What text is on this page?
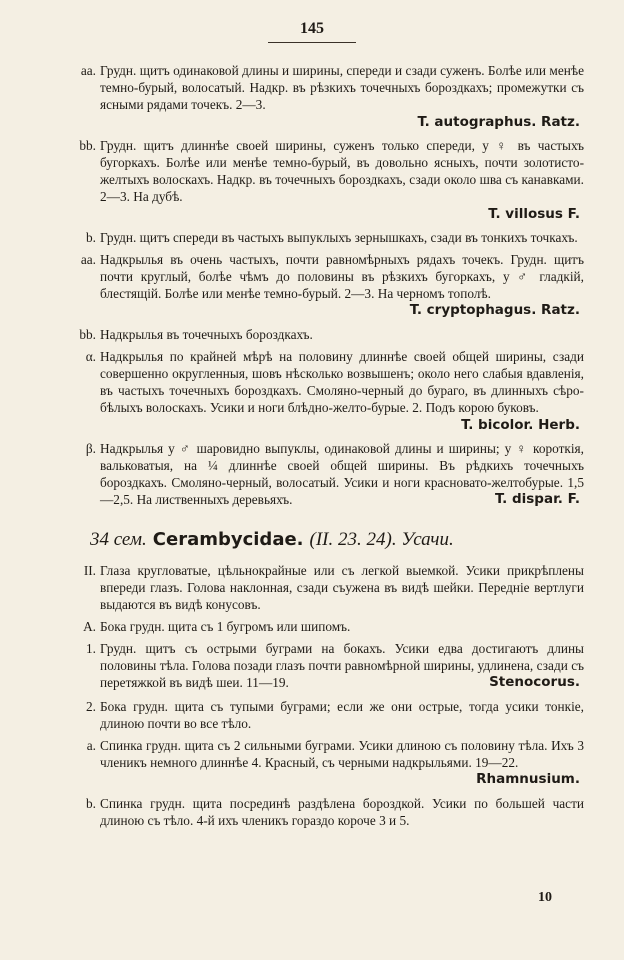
145
aa. Грудн. щитъ одинаковой длины и ширины, спереди и сзади суженъ. Болѣе или менѣе темно-бурый, волосатый. Надкр. въ рѣзкихъ точечныхъ бороздкахъ; промежутки съ ясными рядами точекъ. 2—3.
T. autographus. Ratz.
bb. Грудн. щитъ длиннѣе своей ширины, суженъ только спереди, у ♀ въ частыхъ бугоркахъ. Болѣе или менѣе темно-бурый, въ довольно ясныхъ, почти золотисто-желтыхъ волоскахъ. Надкр. въ точечныхъ бороздкахъ, сзади около шва съ канавками. 2—3. На дубѣ.
T. villosus F.
b. Грудн. щитъ спереди въ частыхъ выпуклыхъ зернышкахъ, сзади въ тонкихъ точкахъ.
aa. Надкрылья въ очень частыхъ, почти равномѣрныхъ рядахъ точекъ. Грудн. щитъ почти круглый, болѣе чѣмъ до половины въ рѣзкихъ бугоркахъ, у ♂ гладкій, блестящій. Болѣе или менѣе темно-бурый. 2—3. На черномъ тополѣ.
T. cryptophagus. Ratz.
bb. Надкрылья въ точечныхъ бороздкахъ.
α. Надкрылья по крайней мѣрѣ на половину длиннѣе своей общей ширины, сзади совершенно округленныя, шовъ нѣсколько возвышенъ; около него слабыя вдавленія, въ частыхъ точечныхъ бороздкахъ. Смоляно-черный до бураго, въ длинныхъ сѣро-бѣлыхъ волоскахъ. Усики и ноги блѣдно-желто-бурые. 2. Подъ корою буковъ.
T. bicolor. Herb.
β. Надкрылья у ♂ шаровидно выпуклы, одинаковой длины и ширины; у ♀ короткія, вальковатыя, на ¼ длиннѣе своей общей ширины. Въ рѣдкихъ точечныхъ бороздкахъ. Смоляно-черный, волосатый. Усики и ноги красновато-желтобурые. 1,5—2,5. На лиственныхъ деревьяхъ.	T. dispar. F.
34 сем. Cerambycidae. (II. 23. 24). Усачи.
II. Глаза кругловатые, цѣльнокрайные или съ легкой выемкой. Усики прикрѣплены впереди глазъ. Голова наклонная, сзади съужена въ видѣ шейки. Переднiе вертлуги выдаются въ видѣ конусовъ.
A. Бока грудн. щита съ 1 бугромъ или шипомъ.
1. Грудн. щитъ съ острыми буграми на бокахъ. Усики едва достигаютъ длины половины тѣла. Голова позади глазъ почти равномѣрной ширины, удлинена, сзади съ перетяжкой въ видѣ шеи. 11—19.	Stenocorus.
2. Бока грудн. щита съ тупыми буграми; если же они острые, тогда усики тонкіе, длиною почти во все тѣло.
a. Спинка грудн. щита съ 2 сильными буграми. Усики длиною съ половину тѣла. Ихъ 3 члeникъ немного длиннѣе 4. Красный, съ черными надкрыльями. 19—22.
Rhamnusium.
b. Спинка грудн. щита посрединѣ раздѣлена бороздкой. Усики по большей части длиною съ тѣло. 4-й ихъ членикъ гораздо короче 3 и 5.
10
